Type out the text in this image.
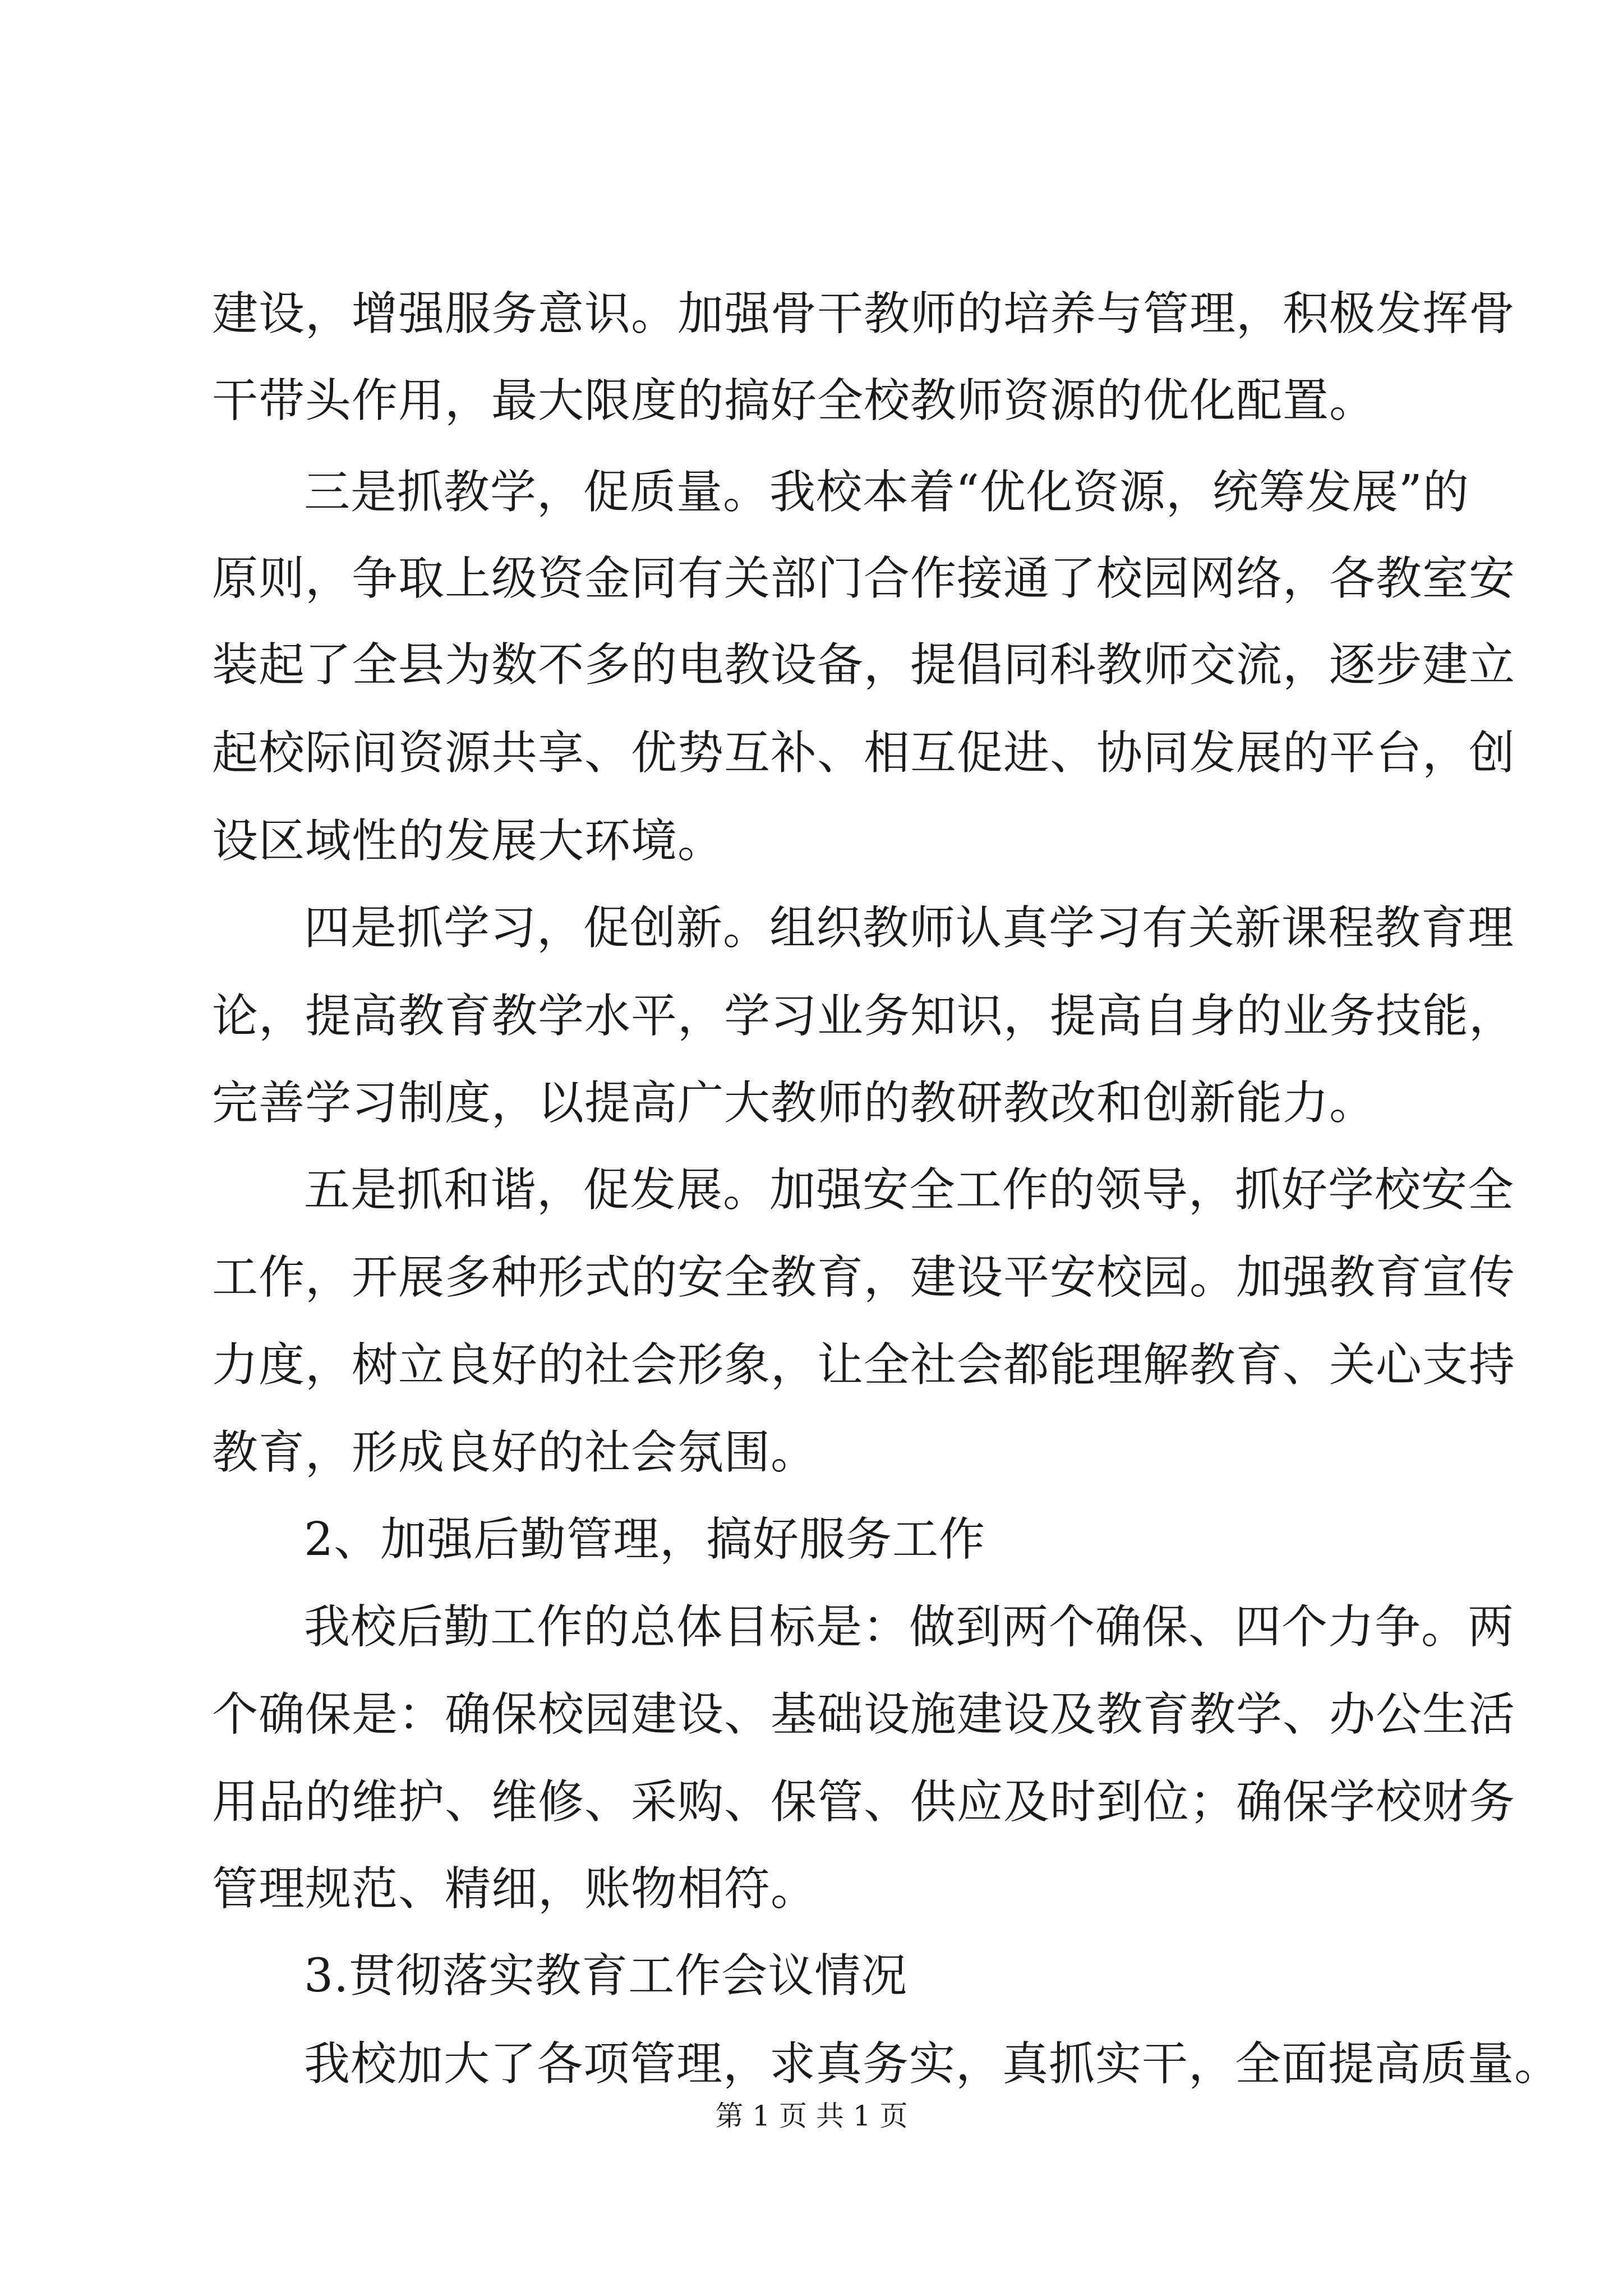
建设，增强服务意识。加强骨干教师的培养与管理，积极发挥骨
干带头作用，最大限度的搞好全校教师资源的优化配置。
三是抓教学，促质量。我校本着“优化资源，统筹发展”的
原则，争取上级资金同有关部门合作接通了校园网络，各教室安
装起了全县为数不多的电教设备，提倡同科教师交流，逐步建立
起校际间资源共享、优势互补、相互促进、协同发展的平台，创
设区域性的发展大环境。
四是抓学习，促创新。组织教师认真学习有关新课程教育理
论，提高教育教学水平，学习业务知识，提高自身的业务技能，
完善学习制度，以提高广大教师的教研教改和创新能力。
五是抓和谐，促发展。加强安全工作的领导，抓好学校安全
工作，开展多种形式的安全教育，建设平安校园。加强教育宣传
力度，树立良好的社会形象，让全社会都能理解教育、关心支持
教育，形成良好的社会氛围。
2、加强后勤管理，搞好服务工作
我校后勤工作的总体目标是：做到两个确保、四个力争。两
个确保是：确保校园建设、基础设施建设及教育教学、办公生活
用品的维护、维修、采购、保管、供应及时到位；确保学校财务
管理规范、精细，账物相符。
3.贯彻落实教育工作会议情况
我校加大了各项管理，求真务实，真抓实干，全面提高质量。
第 1 页 共 1 页
